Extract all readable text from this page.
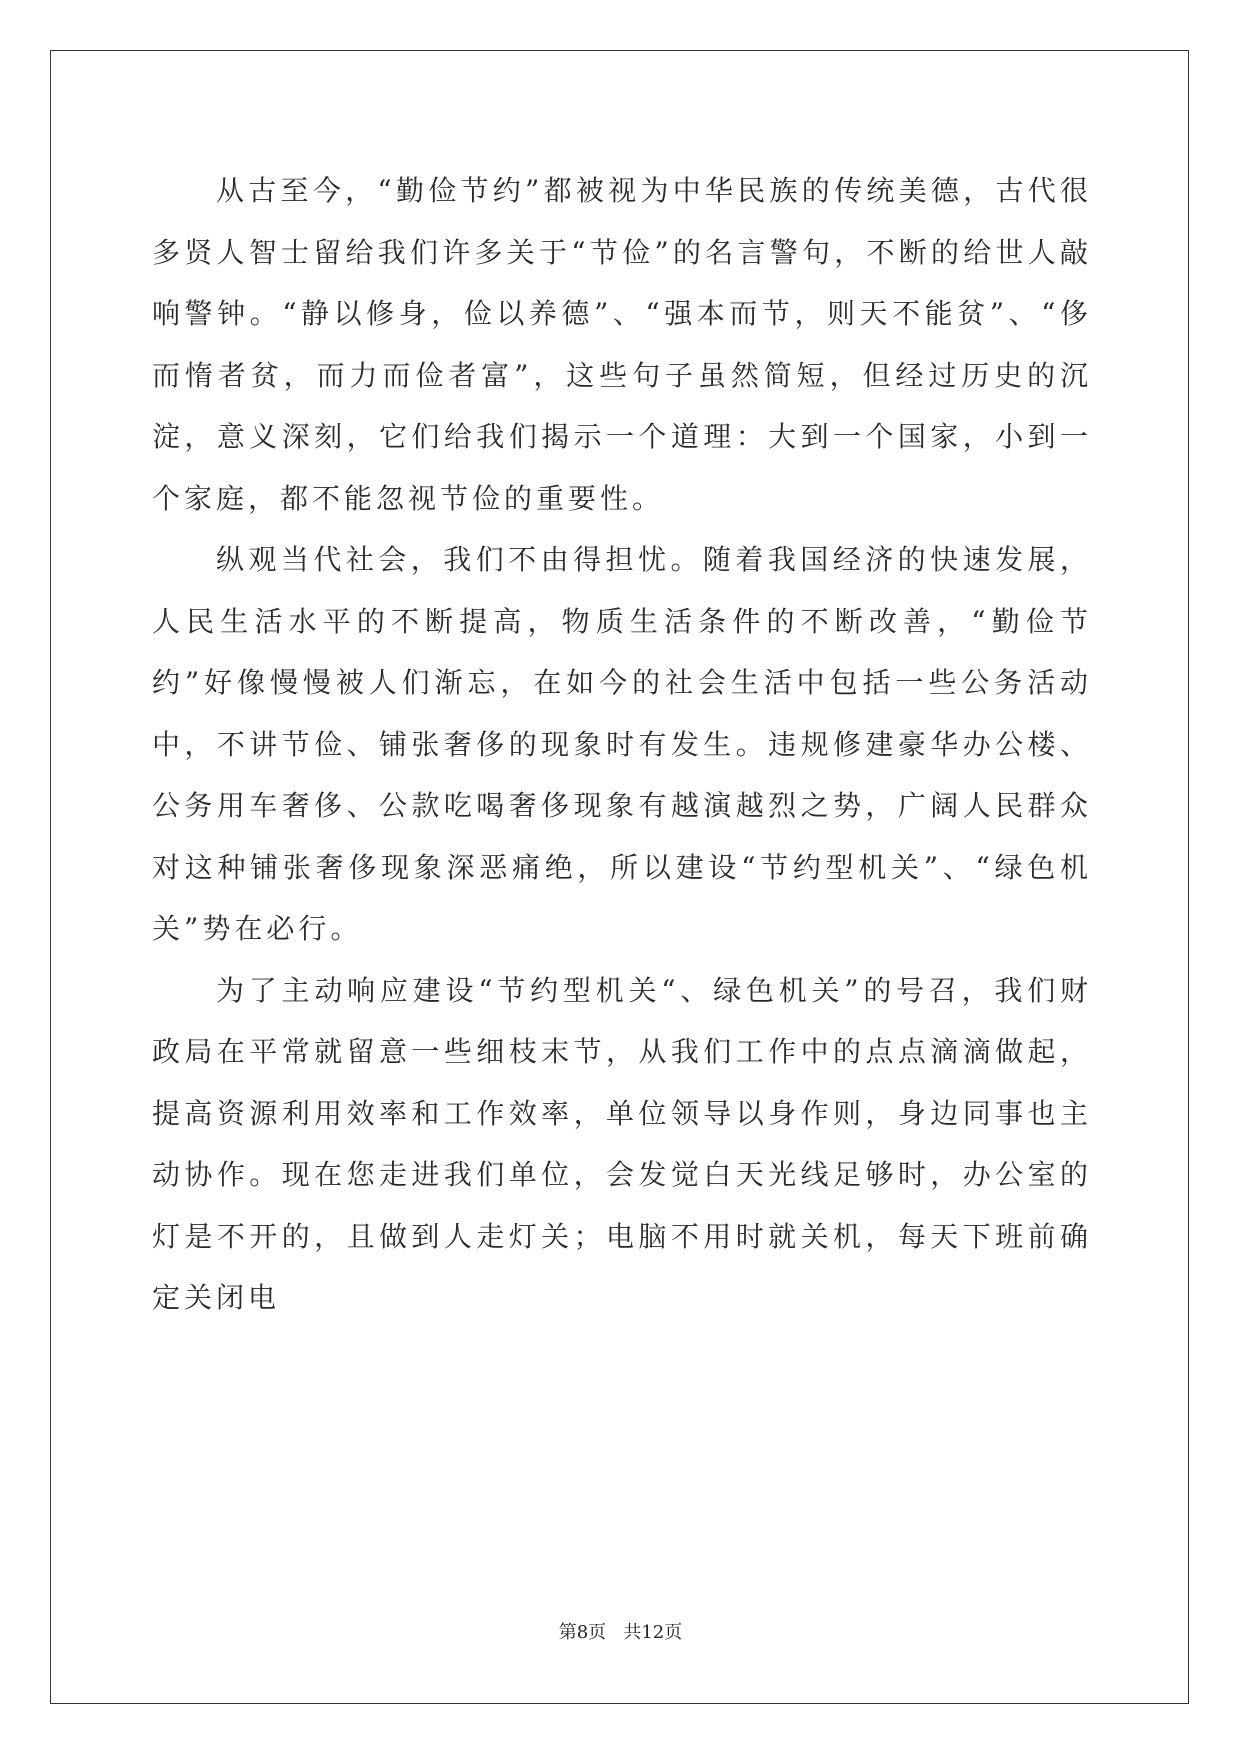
从古至今，“勤俭节约”都被视为中华民族的传统美德，古代很多贤人智士留给我们许多关于“节俭”的名言警句，不断的给世人敲响警钟。“静以修身，俭以养德”、“强本而节，则天不能贫”、“侈而惰者贫，而力而俭者富”，这些句子虽然简短，但经过历史的沉淀，意义深刻，它们给我们揭示一个道理：大到一个国家，小到一个家庭，都不能忽视节俭的重要性。

纵观当代社会，我们不由得担忧。随着我国经济的快速发展，人民生活水平的不断提高，物质生活条件的不断改善，“勤俭节约”好像慢慢被人们渐忘，在如今的社会生活中包括一些公务活动中，不讲节俭、铺张奢侈的现象时有发生。违规修建豪华办公楼、公务用车奢侈、公款吃喝奢侈现象有越演越烈之势，广阔人民群众对这种铺张奢侈现象深恶痛绝，所以建设“节约型机关”、“绿色机关”势在必行。

为了主动响应建设“节约型机关“、绿色机关”的号召，我们财政局在平常就留意一些细枝末节，从我们工作中的点点滴滴做起，提高资源利用效率和工作效率，单位领导以身作则，身边同事也主动协作。现在您走进我们单位，会发觉白天光线足够时，办公室的灯是不开的，且做到人走灯关；电脑不用时就关机，每天下班前确定关闭电

第8页   共12页
